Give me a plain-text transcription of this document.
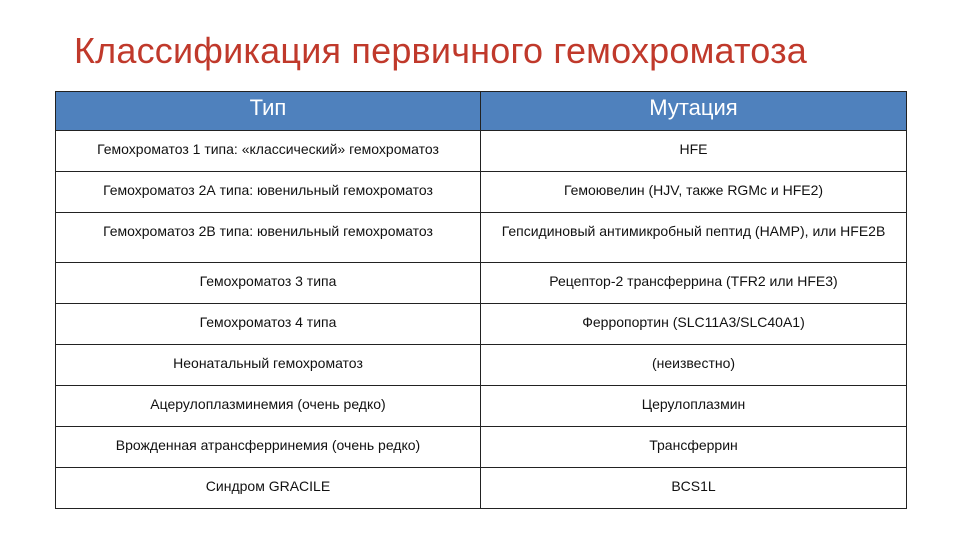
Классификация первичного гемохроматоза
Тип	Мутация
Гемохроматоз 1 типа: «классический» гемохроматоз	HFE
Гемохроматоз 2А типа: ювенильный гемохроматоз	Гемоювелин (HJV, также RGMc и HFE2)
Гемохроматоз 2В типа: ювенильный гемохроматоз	Гепсидиновый антимикробный пептид (HAMP), или HFE2B
Гемохроматоз 3 типа	Рецептор-2 трансферрина (TFR2 или HFE3)
Гемохроматоз 4 типа	Ферропортин (SLC11A3/SLC40A1)
Неонатальный гемохроматоз	(неизвестно)
Ацерулоплазминемия (очень редко)	Церулоплазмин
Врожденная атрансферринемия (очень редко)	Трансферрин
Синдром GRACILE	BCS1L
